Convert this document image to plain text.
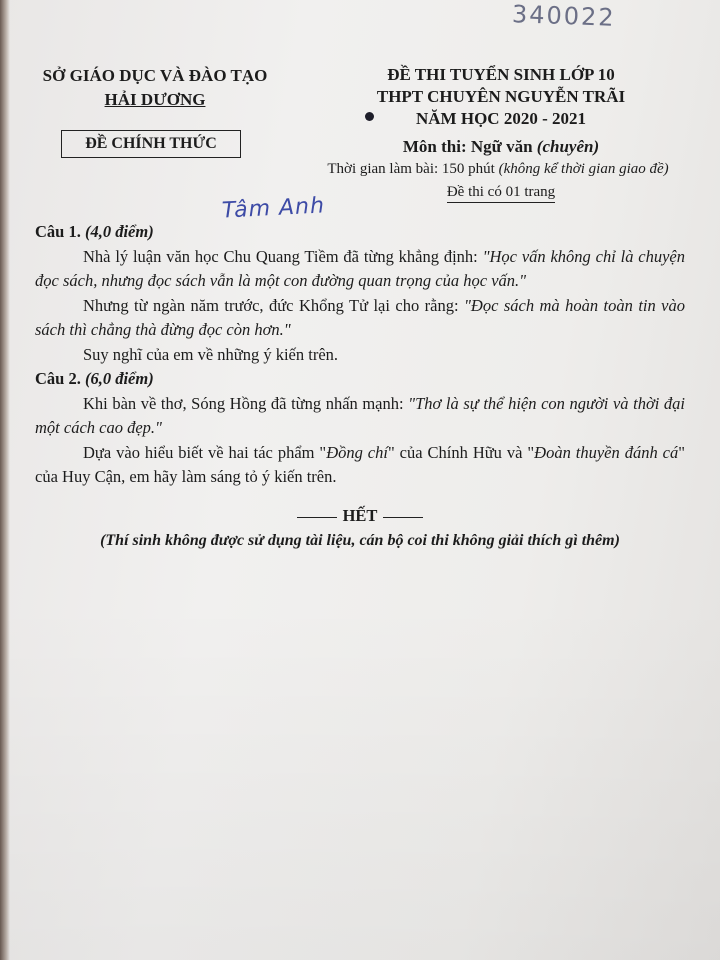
340022
SỞ GIÁO DỤC VÀ ĐÀO TẠO
HẢI DƯƠNG
ĐỀ CHÍNH THỨC
ĐỀ THI TUYỂN SINH LỚP 10
THPT CHUYÊN NGUYỄN TRÃI
NĂM HỌC 2020 - 2021
Môn thi: Ngữ văn (chuyên)
Thời gian làm bài: 150 phút (không kể thời gian giao đề)
Đề thi có 01 trang
Tâm Anh

Câu 1. (4,0 điểm)

Nhà lý luận văn học Chu Quang Tiềm đã từng khẳng định: "Học vấn không chỉ là chuyện đọc sách, nhưng đọc sách vẫn là một con đường quan trọng của học vấn."

Nhưng từ ngàn năm trước, đức Khổng Tử lại cho rằng: "Đọc sách mà hoàn toàn tin vào sách thì chẳng thà đừng đọc còn hơn."

Suy nghĩ của em về những ý kiến trên.

Câu 2. (6,0 điểm)

Khi bàn về thơ, Sóng Hồng đã từng nhấn mạnh: "Thơ là sự thể hiện con người và thời đại một cách cao đẹp."

Dựa vào hiểu biết về hai tác phẩm "Đồng chí" của Chính Hữu và "Đoàn thuyền đánh cá" của Huy Cận, em hãy làm sáng tỏ ý kiến trên.

HẾT
(Thí sinh không được sử dụng tài liệu, cán bộ coi thi không giải thích gì thêm)
